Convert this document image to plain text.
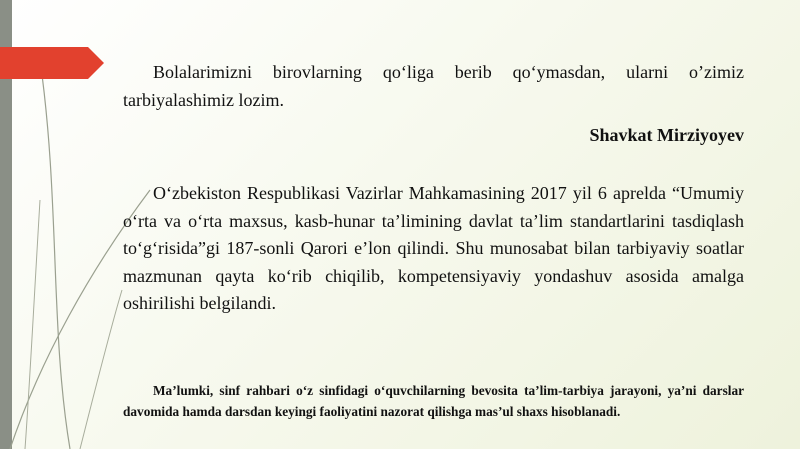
Bolalarimizni birovlarning qo‘liga berib qo‘ymasdan, ularni o’zimiz tarbiyalashimiz lozim.

Shavkat Mirziyoyev

O‘zbekiston Respublikasi Vazirlar Mahkamasining 2017 yil 6 aprelda “Umumiy o‘rta va o‘rta maxsus, kasb-hunar ta’limining davlat ta’lim standartlarini tasdiqlash to‘g‘risida”gi 187-sonli Qarori e’lon qilindi. Shu munosabat bilan tarbiyaviy soatlar mazmunan qayta ko‘rib chiqilib, kompetensiyaviy yondashuv asosida amalga oshirilishi belgilandi.

Ma’lumki, sinf rahbari o‘z sinfidagi o‘quvchilarning bevosita ta’lim-tarbiya jarayoni, ya’ni darslar davomida hamda darsdan keyingi faoliyatini nazorat qilishga mas’ul shaxs hisoblanadi.
